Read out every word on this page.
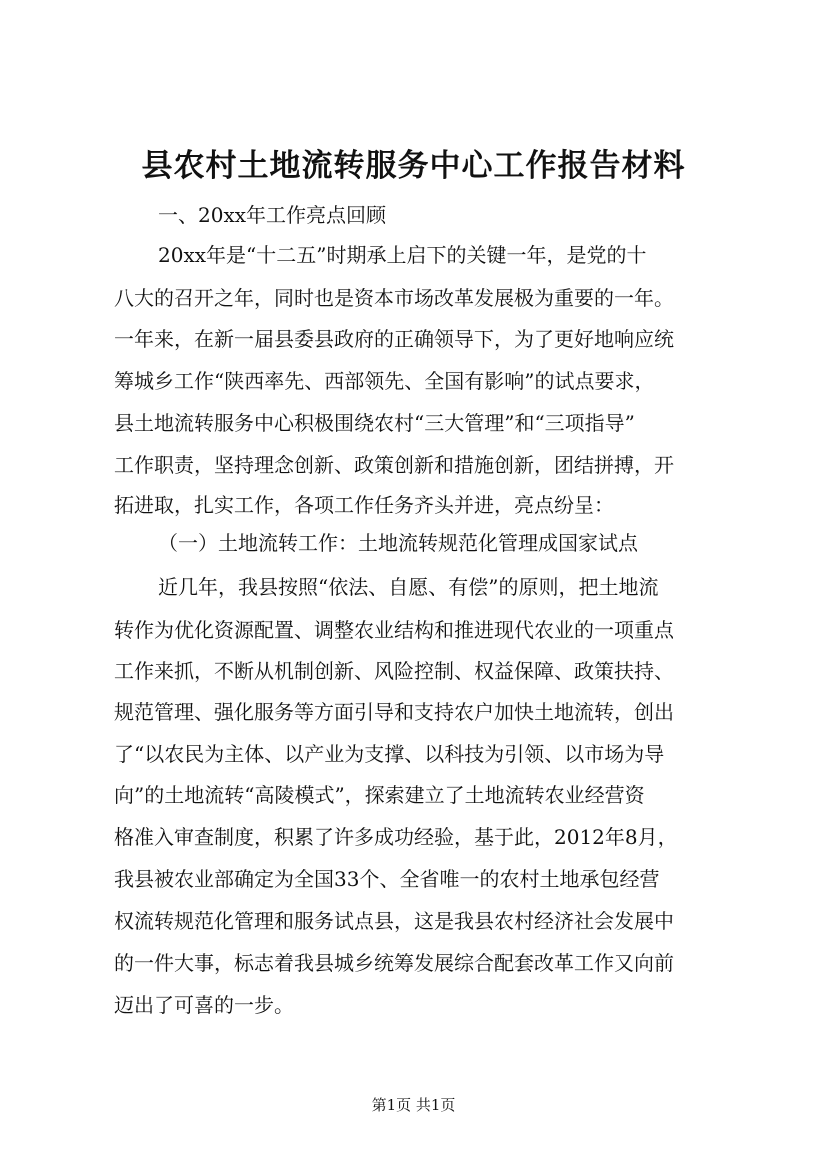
县农村土地流转服务中心工作报告材料
一、20xx年工作亮点回顾
20xx年是“十二五”时期承上启下的关键一年，是党的十
八大的召开之年，同时也是资本市场改革发展极为重要的一年。
一年来，在新一届县委县政府的正确领导下，为了更好地响应统
筹城乡工作“陕西率先、西部领先、全国有影响”的试点要求，
县土地流转服务中心积极围绕农村“三大管理”和“三项指导”
工作职责，坚持理念创新、政策创新和措施创新，团结拼搏，开
拓进取，扎实工作，各项工作任务齐头并进，亮点纷呈：
（一）土地流转工作：土地流转规范化管理成国家试点
近几年，我县按照“依法、自愿、有偿”的原则，把土地流
转作为优化资源配置、调整农业结构和推进现代农业的一项重点
工作来抓，不断从机制创新、风险控制、权益保障、政策扶持、
规范管理、强化服务等方面引导和支持农户加快土地流转，创出
了“以农民为主体、以产业为支撑、以科技为引领、以市场为导
向”的土地流转“高陵模式”，探索建立了土地流转农业经营资
格准入审查制度，积累了许多成功经验，基于此，2012年8月，
我县被农业部确定为全国33个、全省唯一的农村土地承包经营
权流转规范化管理和服务试点县，这是我县农村经济社会发展中
的一件大事，标志着我县城乡统筹发展综合配套改革工作又向前
迈出了可喜的一步。
第1页 共1页
